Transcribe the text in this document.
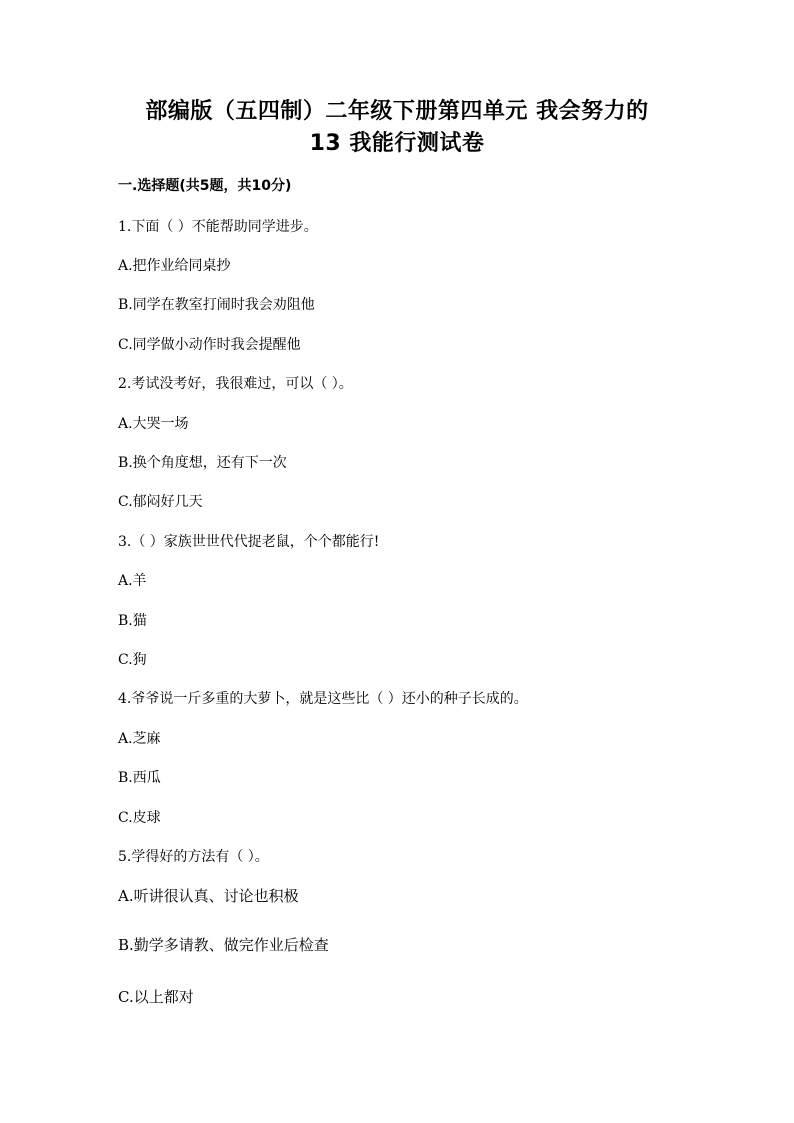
部编版（五四制）二年级下册第四单元 我会努力的
13 我能行测试卷
一.选择题(共5题，共10分)
1.下面（ ）不能帮助同学进步。
A.把作业给同桌抄
B.同学在教室打闹时我会劝阻他
C.同学做小动作时我会提醒他
2.考试没考好，我很难过，可以（ ）。
A.大哭一场
B.换个角度想，还有下一次
C.郁闷好几天
3.（ ）家族世世代代捉老鼠，个个都能行!
A.羊
B.猫
C.狗
4.爷爷说一斤多重的大萝卜，就是这些比（ ）还小的种子长成的。
A.芝麻
B.西瓜
C.皮球
5.学得好的方法有（ ）。
A.听讲很认真、讨论也积极
B.勤学多请教、做完作业后检查
C.以上都对
